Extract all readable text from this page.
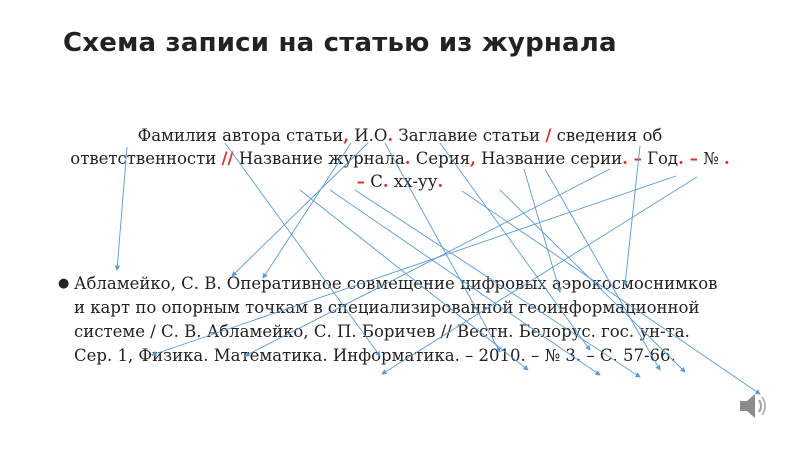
Схема записи на статью из журнала
Фамилия автора статьи, И.О. Заглавие статьи / сведения об ответственности // Название журнала. Серия, Название серии. – Год. – № . – С. хх-уу.
● Абламейко, С. В. Оперативное совмещение цифровых аэрокосмоснимков и карт по опорным точкам в специализированной геоинформационной системе / С. В. Абламейко, С. П. Боричев // Вестн. Белорус. гос. ун-та. Сер. 1, Физика. Математика. Информатика. – 2010. – № 3. – С. 57-66.
